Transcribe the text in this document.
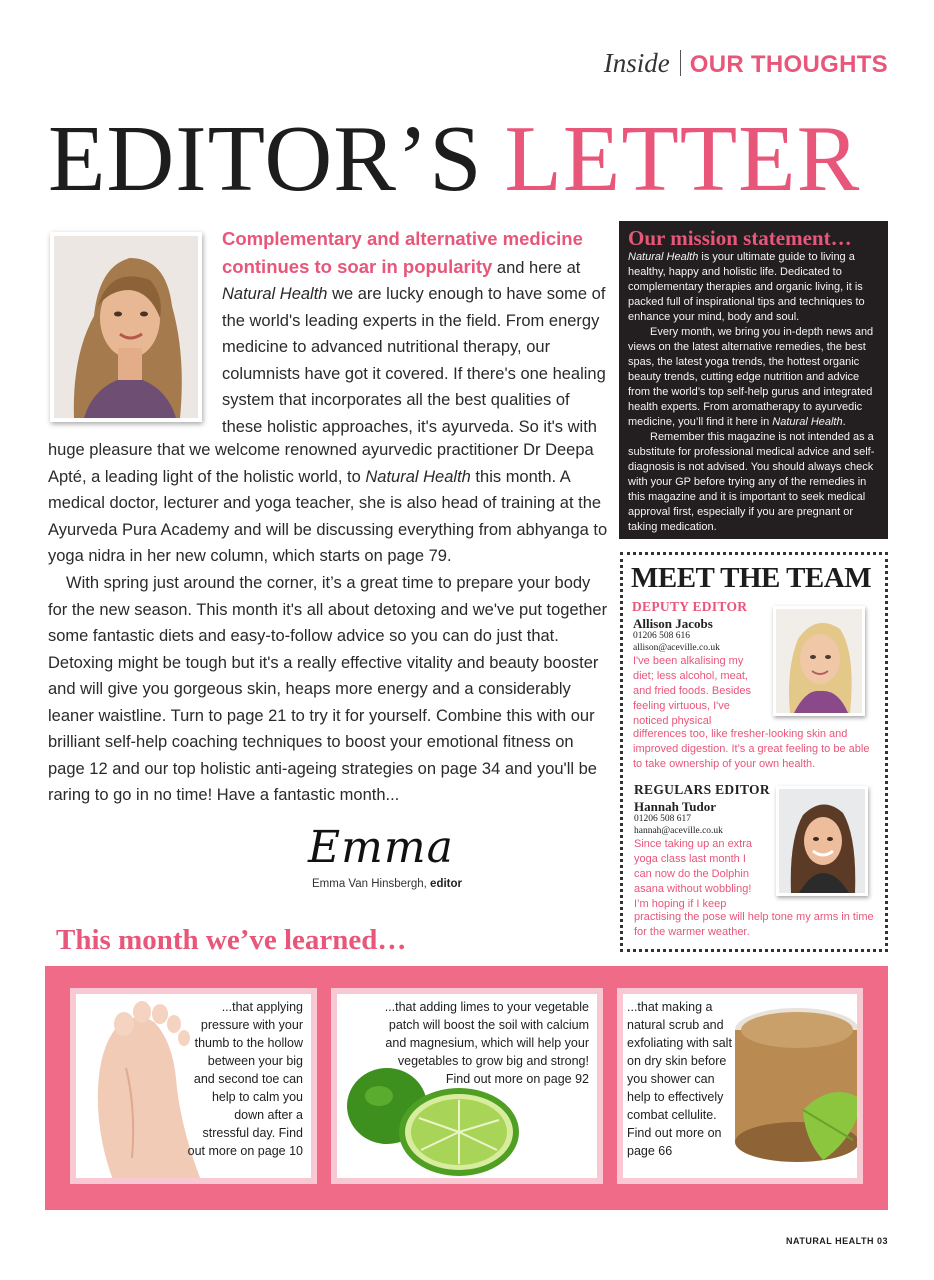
Inside OUR THOUGHTS
EDITOR’S LETTER
Complementary and alternative medicine continues to soar in popularity and here at Natural Health we are lucky enough to have some of the world's leading experts in the field. From energy medicine to advanced nutritional therapy, our columnists have got it covered. If there's one healing system that incorporates all the best qualities of these holistic approaches, it's ayurveda. So it's with
huge pleasure that we welcome renowned ayurvedic practitioner Dr Deepa Apté, a leading light of the holistic world, to Natural Health this month. A medical doctor, lecturer and yoga teacher, she is also head of training at the Ayurveda Pura Academy and will be discussing everything from abhyanga to yoga nidra in her new column, which starts on page 79.
With spring just around the corner, it’s a great time to prepare your body for the new season. This month it's all about detoxing and we've put together some fantastic diets and easy-to-follow advice so you can do just that. Detoxing might be tough but it's a really effective vitality and beauty booster and will give you gorgeous skin, heaps more energy and a considerably leaner waistline. Turn to page 21 to try it for yourself. Combine this with our brilliant self-help coaching techniques to boost your emotional fitness on page 12 and our top holistic anti-ageing strategies on page 34 and you'll be raring to go in no time! Have a fantastic month...
Emma
Emma Van Hinsbergh, editor
Our mission statement…

Natural Health is your ultimate guide to living a healthy, happy and holistic life. Dedicated to complementary therapies and organic living, it is packed full of inspirational tips and techniques to enhance your mind, body and soul.

Every month, we bring you in-depth news and views on the latest alternative remedies, the best spas, the latest yoga trends, the hottest organic beauty trends, cutting edge nutrition and advice from the world’s top self-help gurus and integrated health experts. From aromatherapy to ayurvedic medicine, you’ll find it here in Natural Health.

Remember this magazine is not intended as a substitute for professional medical advice and self-diagnosis is not advised. You should always check with your GP before trying any of the remedies in this magazine and it is important to seek medical approval first, especially if you are pregnant or taking medication.

MEET THE TEAM
DEPUTY EDITOR
Allison Jacobs
01206 508 616
allison@aceville.co.uk
I've been alkalising my diet; less alcohol, meat, and fried foods. Besides feeling virtuous, I've noticed physical
differences too, like fresher-looking skin and improved digestion. It’s a great feeling to be able to take ownership of your own health.
REGULARS EDITOR
Hannah Tudor
01206 508 617
hannah@aceville.co.uk
Since taking up an extra yoga class last month I can now do the Dolphin asana without wobbling! I’m hoping if I keep
practising the pose will help tone my arms in time for the warmer weather.
This month we’ve learned…
...that applying pressure with your thumb to the hollow between your big and second toe can help to calm you down after a stressful day. Find out more on page 10
...that adding limes to your vegetable patch will boost the soil with calcium and magnesium, which will help your vegetables to grow big and strong! Find out more on page 92
...that making a natural scrub and exfoliating with salt on dry skin before you shower can help to effectively combat cellulite. Find out more on page 66
NATURAL HEALTH 03
